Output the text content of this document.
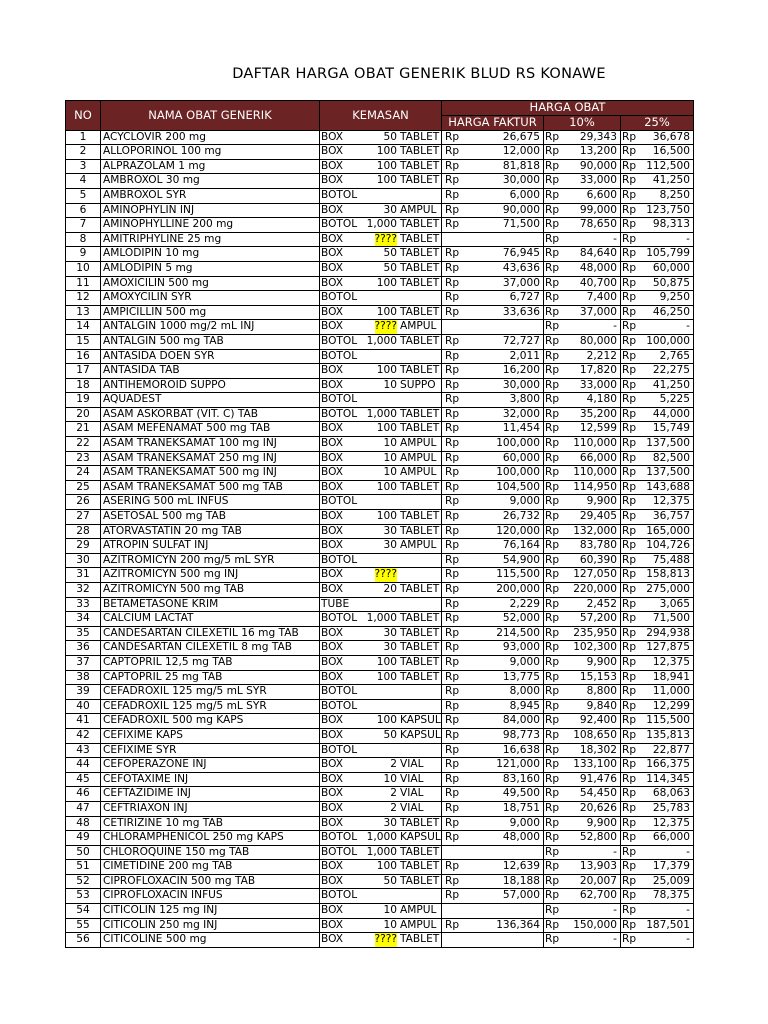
DAFTAR HARGA OBAT GENERIK BLUD RS KONAWE
NO	NAMA OBAT GENERIK	KEMASAN	HARGA OBAT		
			HARGA FAKTUR	10%	25%
1	ACYCLOVIR 200 mg	BOX 50 TABLET	Rp 26,675	Rp 29,343	Rp 36,678

2	ALLOPORINOL 100 mg	BOX 100 TABLET	Rp 12,000	Rp 13,200	Rp 16,500

3	ALPRAZOLAM 1 mg	BOX 100 TABLET	Rp 81,818	Rp 90,000	Rp 112,500

4	AMBROXOL 30 mg	BOX 100 TABLET	Rp 30,000	Rp 33,000	Rp 41,250

5	AMBROXOL SYR	BOTOL	Rp 6,000	Rp 6,600	Rp 8,250

6	AMINOPHYLIN INJ	BOX 30 AMPUL	Rp 90,000	Rp 99,000	Rp 123,750

7	AMINOPHYLLINE 200 mg	BOTOL 1,000 TABLET	Rp 71,500	Rp 78,650	Rp 98,313

8	AMITRIPHYLINE 25 mg	BOX ???? TABLET		Rp -	Rp -

9	AMLODIPIN 10 mg	BOX 50 TABLET	Rp 76,945	Rp 84,640	Rp 105,799

10	AMLODIPIN 5 mg	BOX 50 TABLET	Rp 43,636	Rp 48,000	Rp 60,000

11	AMOXICILIN 500 mg	BOX 100 TABLET	Rp 37,000	Rp 40,700	Rp 50,875

12	AMOXYCILIN SYR	BOTOL	Rp 6,727	Rp 7,400	Rp 9,250

13	AMPICILLIN 500 mg	BOX 100 TABLET	Rp 33,636	Rp 37,000	Rp 46,250

14	ANTALGIN 1000 mg/2 mL INJ	BOX ???? AMPUL		Rp -	Rp -

15	ANTALGIN 500 mg TAB	BOTOL 1,000 TABLET	Rp 72,727	Rp 80,000	Rp 100,000

16	ANTASIDA DOEN SYR	BOTOL	Rp 2,011	Rp 2,212	Rp 2,765

17	ANTASIDA TAB	BOX 100 TABLET	Rp 16,200	Rp 17,820	Rp 22,275

18	ANTIHEMOROID SUPPO	BOX 10 SUPPO	Rp 30,000	Rp 33,000	Rp 41,250

19	AQUADEST	BOTOL	Rp 3,800	Rp 4,180	Rp 5,225

20	ASAM ASKORBAT (VIT. C) TAB	BOTOL 1,000 TABLET	Rp 32,000	Rp 35,200	Rp 44,000

21	ASAM MEFENAMAT 500 mg TAB	BOX 100 TABLET	Rp 11,454	Rp 12,599	Rp 15,749

22	ASAM TRANEKSAMAT 100 mg INJ	BOX 10 AMPUL	Rp 100,000	Rp 110,000	Rp 137,500

23	ASAM TRANEKSAMAT 250 mg INJ	BOX 10 AMPUL	Rp 60,000	Rp 66,000	Rp 82,500

24	ASAM TRANEKSAMAT 500 mg INJ	BOX 10 AMPUL	Rp 100,000	Rp 110,000	Rp 137,500

25	ASAM TRANEKSAMAT 500 mg TAB	BOX 100 TABLET	Rp 104,500	Rp 114,950	Rp 143,688

26	ASERING 500 mL INFUS	BOTOL	Rp 9,000	Rp 9,900	Rp 12,375

27	ASETOSAL 500 mg TAB	BOX 100 TABLET	Rp 26,732	Rp 29,405	Rp 36,757

28	ATORVASTATIN 20 mg TAB	BOX 30 TABLET	Rp 120,000	Rp 132,000	Rp 165,000

29	ATROPIN SULFAT INJ	BOX 30 AMPUL	Rp 76,164	Rp 83,780	Rp 104,726

30	AZITROMICYN 200 mg/5 mL SYR	BOTOL	Rp 54,900	Rp 60,390	Rp 75,488

31	AZITROMICYN 500 mg INJ	BOX ????	Rp 115,500	Rp 127,050	Rp 158,813

32	AZITROMICYN 500 mg TAB	BOX 20 TABLET	Rp 200,000	Rp 220,000	Rp 275,000

33	BETAMETASONE KRIM	TUBE	Rp 2,229	Rp 2,452	Rp 3,065

34	CALCIUM LACTAT	BOTOL 1,000 TABLET	Rp 52,000	Rp 57,200	Rp 71,500

35	CANDESARTAN CILEXETIL 16 mg TAB	BOX 30 TABLET	Rp 214,500	Rp 235,950	Rp 294,938

36	CANDESARTAN CILEXETIL 8 mg TAB	BOX 30 TABLET	Rp 93,000	Rp 102,300	Rp 127,875

37	CAPTOPRIL 12,5 mg TAB	BOX 100 TABLET	Rp 9,000	Rp 9,900	Rp 12,375

38	CAPTOPRIL 25 mg TAB	BOX 100 TABLET	Rp 13,775	Rp 15,153	Rp 18,941

39	CEFADROXIL 125 mg/5 mL SYR	BOTOL	Rp 8,000	Rp 8,800	Rp 11,000

40	CEFADROXIL 125 mg/5 mL SYR	BOTOL	Rp 8,945	Rp 9,840	Rp 12,299

41	CEFADROXIL 500 mg KAPS	BOX 100 KAPSUL	Rp 84,000	Rp 92,400	Rp 115,500

42	CEFIXIME KAPS	BOX 50 KAPSUL	Rp 98,773	Rp 108,650	Rp 135,813

43	CEFIXIME SYR	BOTOL	Rp 16,638	Rp 18,302	Rp 22,877

44	CEFOPERAZONE INJ	BOX 2 VIAL	Rp 121,000	Rp 133,100	Rp 166,375

45	CEFOTAXIME INJ	BOX 10 VIAL	Rp 83,160	Rp 91,476	Rp 114,345

46	CEFTAZIDIME INJ	BOX 2 VIAL	Rp 49,500	Rp 54,450	Rp 68,063

47	CEFTRIAXON INJ	BOX 2 VIAL	Rp 18,751	Rp 20,626	Rp 25,783

48	CETIRIZINE 10 mg TAB	BOX 30 TABLET	Rp 9,000	Rp 9,900	Rp 12,375

49	CHLORAMPHENICOL 250 mg KAPS	BOTOL 1,000 KAPSUL	Rp 48,000	Rp 52,800	Rp 66,000

50	CHLOROQUINE 150 mg TAB	BOTOL 1,000 TABLET		Rp -	Rp -

51	CIMETIDINE 200 mg TAB	BOX 100 TABLET	Rp 12,639	Rp 13,903	Rp 17,379

52	CIPROFLOXACIN 500 mg TAB	BOX 50 TABLET	Rp 18,188	Rp 20,007	Rp 25,009

53	CIPROFLOXACIN INFUS	BOTOL	Rp 57,000	Rp 62,700	Rp 78,375

54	CITICOLIN 125 mg INJ	BOX 10 AMPUL		Rp -	Rp -

55	CITICOLIN 250 mg INJ	BOX 10 AMPUL	Rp 136,364	Rp 150,000	Rp 187,501

56	CITICOLINE 500 mg	BOX ???? TABLET		Rp -	Rp -
